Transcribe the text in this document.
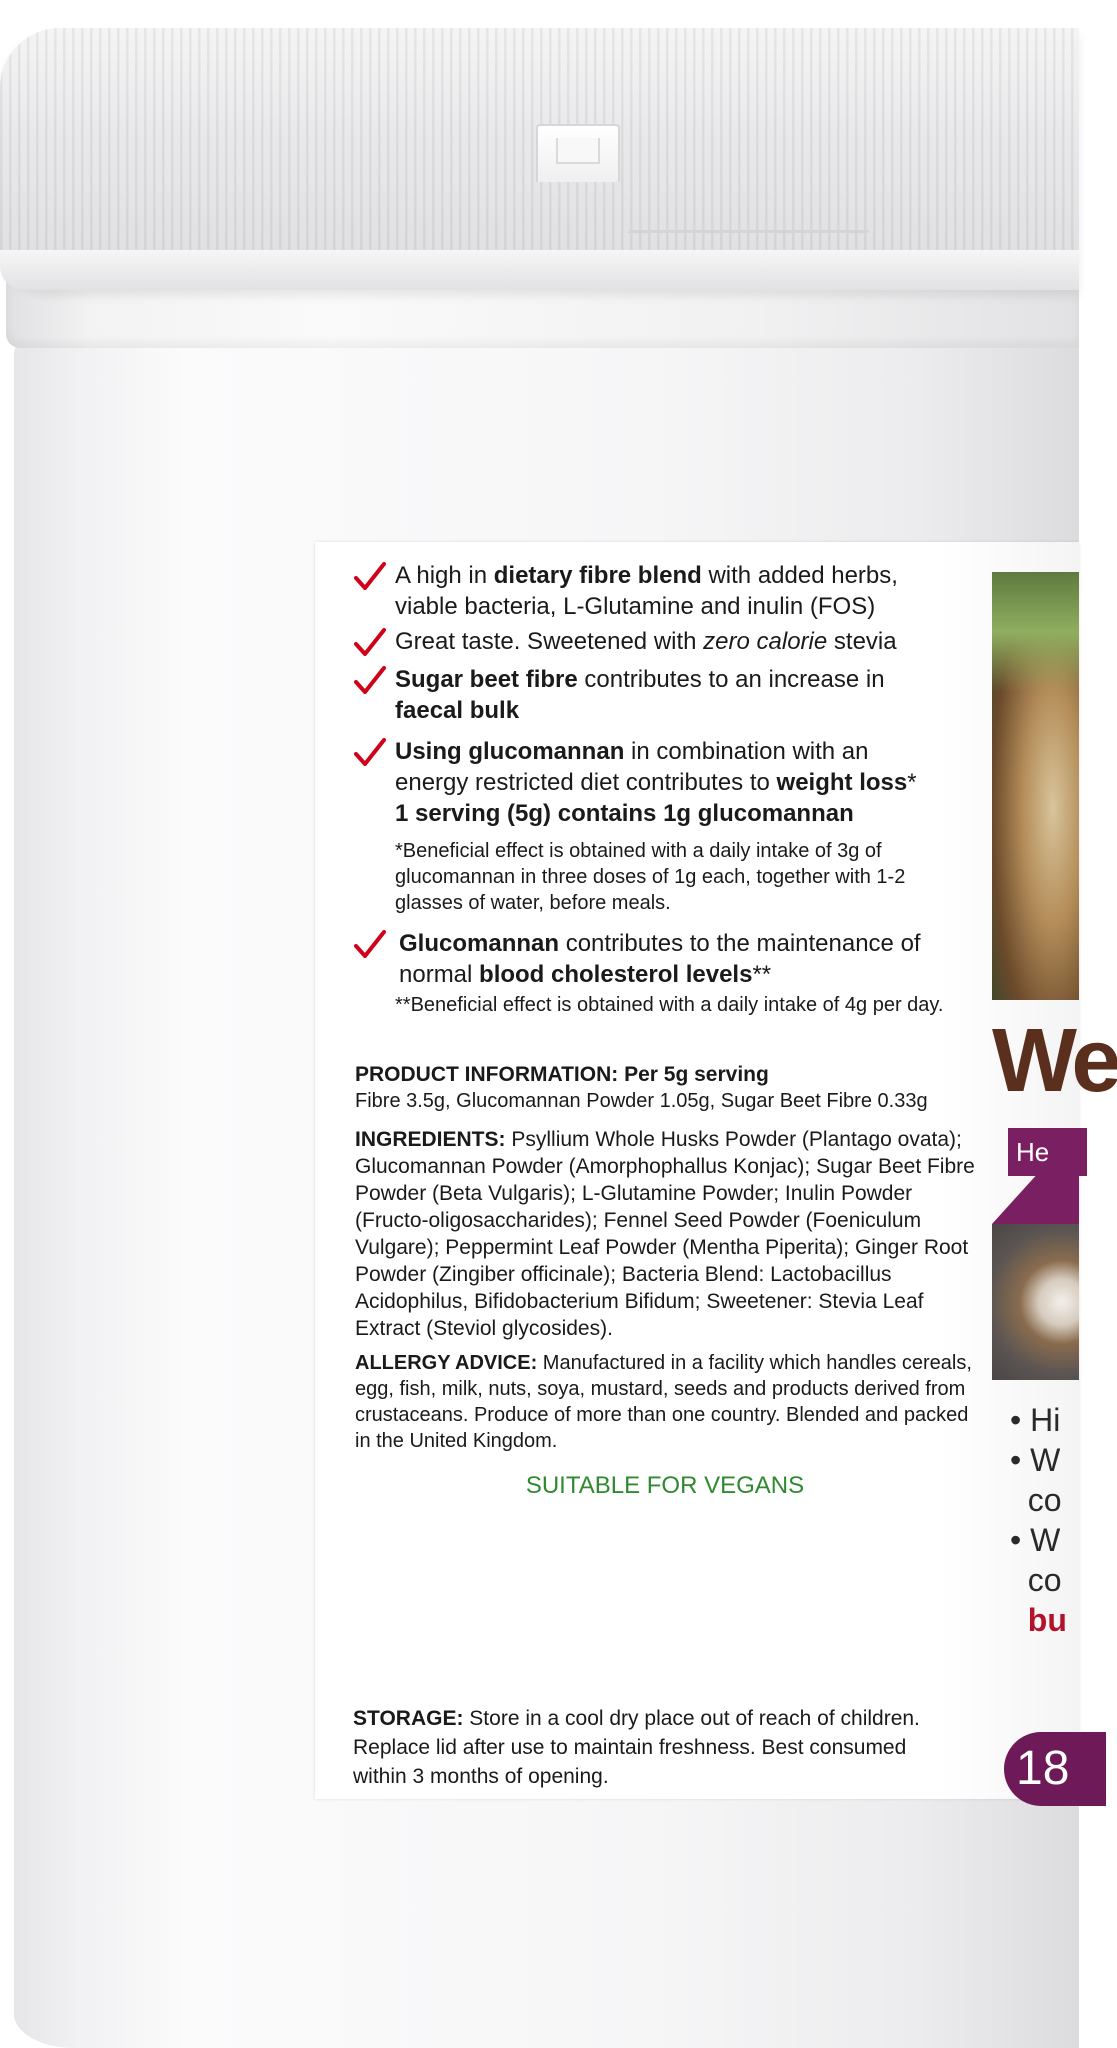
A high in dietary fibre blend with added herbs,
viable bacteria, L-Glutamine and inulin (FOS)
Great taste. Sweetened with zero calorie stevia
Sugar beet fibre contributes to an increase in
faecal bulk
Using glucomannan in combination with an
energy restricted diet contributes to weight loss*
1 serving (5g) contains 1g glucomannan
*Beneficial effect is obtained with a daily intake of 3g of glucomannan in three doses of 1g each, together with 1-2 glasses of water, before meals.
Glucomannan contributes to the maintenance of
normal blood cholesterol levels**
**Beneficial effect is obtained with a daily intake of 4g per day.
PRODUCT INFORMATION: Per 5g serving
Fibre 3.5g, Glucomannan Powder 1.05g, Sugar Beet Fibre 0.33g
INGREDIENTS: Psyllium Whole Husks Powder (Plantago ovata); Glucomannan Powder (Amorphophallus Konjac); Sugar Beet Fibre Powder (Beta Vulgaris); L-Glutamine Powder; Inulin Powder (Fructo-oligosaccharides); Fennel Seed Powder (Foeniculum Vulgare); Peppermint Leaf Powder (Mentha Piperita); Ginger Root Powder (Zingiber officinale); Bacteria Blend: Lactobacillus Acidophilus, Bifidobacterium Bifidum; Sweetener: Stevia Leaf Extract (Steviol glycosides).
ALLERGY ADVICE: Manufactured in a facility which handles cereals, egg, fish, milk, nuts, soya, mustard, seeds and products derived from crustaceans. Produce of more than one country. Blended and packed in the United Kingdom.
SUITABLE FOR VEGANS
STORAGE: Store in a cool dry place out of reach of children. Replace lid after use to maintain freshness. Best consumed within 3 months of opening.
We
He
• Hi
• W
co
• W
co
bu
18
